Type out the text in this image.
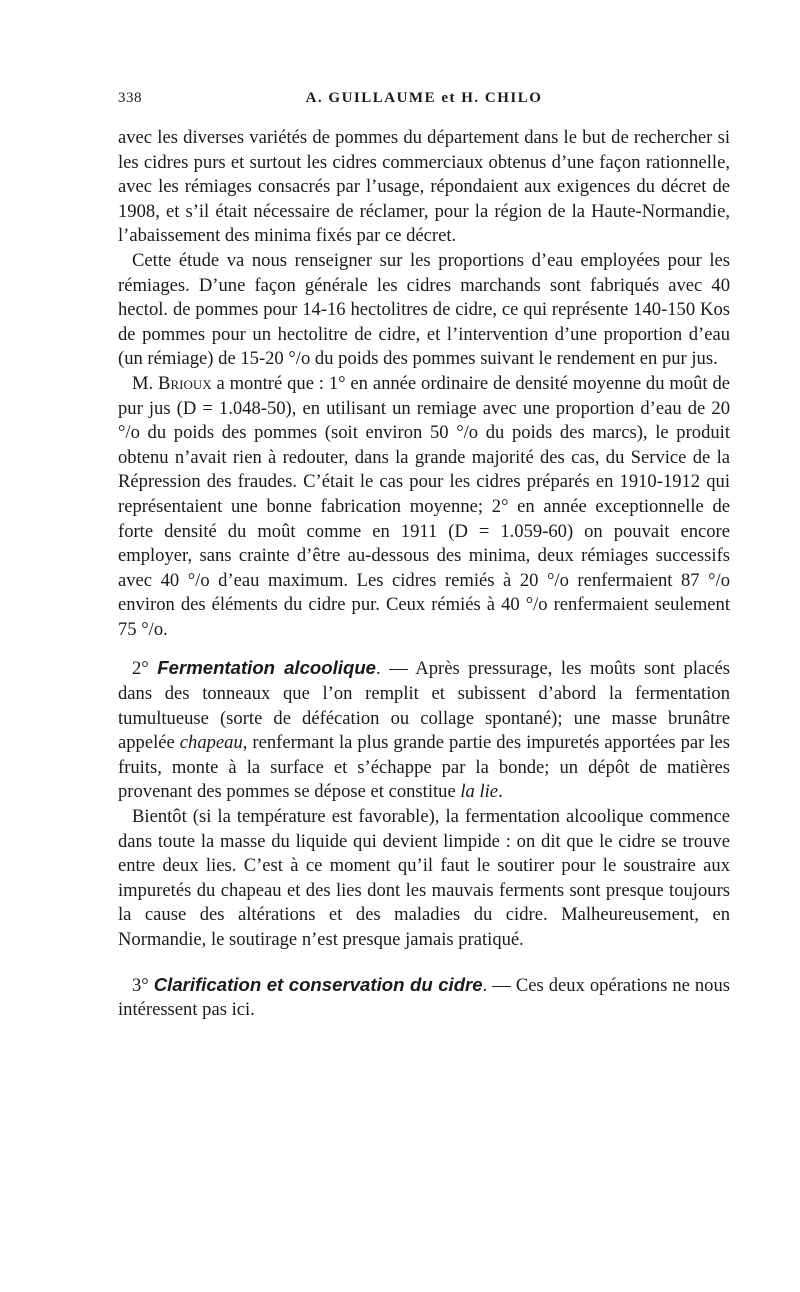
338	A. GUILLAUME et H. CHILO

avec les diverses variétés de pommes du département dans le but de rechercher si les cidres purs et surtout les cidres commerciaux obtenus d’une façon rationnelle, avec les rémiages consacrés par l’usage, répondaient aux exigences du décret de 1908, et s’il était nécessaire de réclamer, pour la région de la Haute-Normandie, l’abaissement des minima fixés par ce décret.

Cette étude va nous renseigner sur les proportions d’eau employées pour les rémiages. D’une façon générale les cidres marchands sont fabriqués avec 40 hectol. de pommes pour 14-16 hectolitres de cidre, ce qui représente 140-150 Kos de pommes pour un hectolitre de cidre, et l’intervention d’une proportion d’eau (un rémiage) de 15-20 °/o du poids des pommes suivant le rendement en pur jus.

M. Brioux a montré que : 1° en année ordinaire de densité moyenne du moût de pur jus (D = 1.048-50), en utilisant un remiage avec une proportion d’eau de 20 °/o du poids des pommes (soit environ 50 °/o du poids des marcs), le produit obtenu n’avait rien à redouter, dans la grande majorité des cas, du Service de la Répression des fraudes. C’était le cas pour les cidres préparés en 1910-1912 qui représentaient une bonne fabrication moyenne; 2° en année exceptionnelle de forte densité du moût comme en 1911 (D = 1.059-60) on pouvait encore employer, sans crainte d’être au-dessous des minima, deux rémiages successifs avec 40 °/o d’eau maximum. Les cidres remiés à 20 °/o renfermaient 87 °/o environ des éléments du cidre pur. Ceux rémiés à 40 °/o renfermaient seulement 75 °/o.

2° Fermentation alcoolique. — Après pressurage, les moûts sont placés dans des tonneaux que l’on remplit et subissent d’abord la fermentation tumultueuse (sorte de défécation ou collage spontané); une masse brunâtre appelée chapeau, renfermant la plus grande partie des impuretés apportées par les fruits, monte à la surface et s’échappe par la bonde; un dépôt de matières provenant des pommes se dépose et constitue la lie.

Bientôt (si la température est favorable), la fermentation alcoolique commence dans toute la masse du liquide qui devient limpide : on dit que le cidre se trouve entre deux lies. C’est à ce moment qu’il faut le soutirer pour le soustraire aux impuretés du chapeau et des lies dont les mauvais ferments sont presque toujours la cause des altérations et des maladies du cidre. Malheureusement, en Normandie, le soutirage n’est presque jamais pratiqué.

3° Clarification et conservation du cidre. — Ces deux opérations ne nous intéressent pas ici.
